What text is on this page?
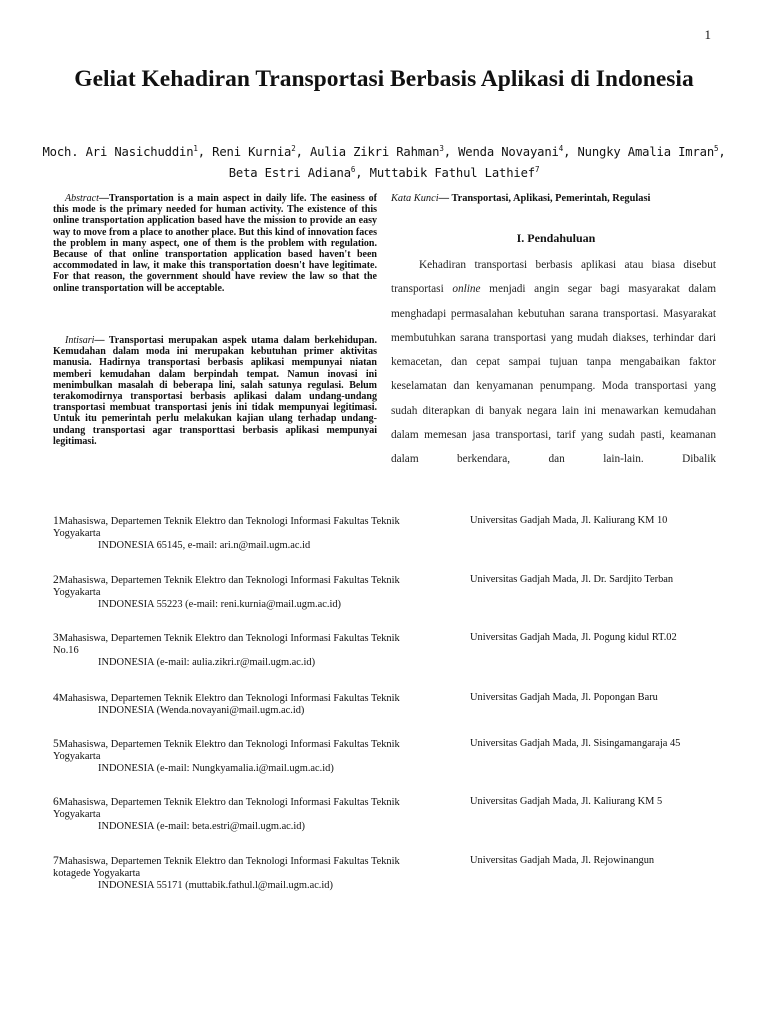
1
Geliat Kehadiran Transportasi Berbasis Aplikasi di Indonesia
Moch. Ari Nasichuddin$^1$, Reni Kurnia$^2$, Aulia Zikri Rahman$^3$, Wenda Novayani$^4$, Nungky Amalia Imran$^5$,
Beta Estri Adiana$^6$, Muttabik Fathul Lathief$^7$
Abstract—Transportation is a main aspect in daily life. The easiness of this mode is the primary needed for human activity. The existence of this online transportation application based have the mission to provide an easy way to move from a place to another place. But this kind of innovation faces the problem in many aspect, one of them is the problem with regulation. Because of that online transportation application based haven't been accommodated in law, it make this transportation doesn't have legitimate. For that reason, the government should have review the law so that the online transportation will be acceptable.
Intisari— Transportasi merupakan aspek utama dalam berkehidupan. Kemudahan dalam moda ini merupakan kebutuhan primer aktivitas manusia. Hadirnya transportasi berbasis aplikasi mempunyai niatan memberi kemudahan dalam berpindah tempat. Namun inovasi ini menimbulkan masalah di beberapa lini, salah satunya regulasi. Belum terakomodirnya transportasi berbasis aplikasi dalam undang-undang transportasi membuat transportasi jenis ini tidak mempunyai legitimasi. Untuk itu pemerintah perlu melakukan kajian ulang terhadap undang-undang transportasi agar transporttasi berbasis aplikasi mempunyai legitimasi.
Kata Kunci— Transportasi, Aplikasi, Pemerintah, Regulasi
I. Pendahuluan
Kehadiran transportasi berbasis aplikasi atau biasa disebut transportasi online menjadi angin segar bagi masyarakat dalam menghadapi permasalahan kebutuhan sarana transportasi. Masyarakat membutuhkan sarana transportasi yang mudah diakses, terhindar dari kemacetan, dan cepat sampai tujuan tanpa mengabaikan faktor keselamatan dan kenyamanan penumpang. Moda transportasi yang sudah diterapkan di banyak negara lain ini menawarkan kemudahan dalam memesan jasa transportasi, tarif yang sudah pasti, keamanan dalam berkendara, dan lain-lain. Dibalik
1Mahasiswa, Departemen Teknik Elektro dan Teknologi Informasi Fakultas Teknik	Universitas Gadjah Mada, Jl. Kaliurang KM 10
Yogyakarta
INDONESIA 65145, e-mail: ari.n@mail.ugm.ac.id
2Mahasiswa, Departemen Teknik Elektro dan Teknologi Informasi Fakultas Teknik	Universitas Gadjah Mada, Jl. Dr. Sardjito Terban
Yogyakarta
INDONESIA 55223 (e-mail: reni.kurnia@mail.ugm.ac.id)
3Mahasiswa, Departemen Teknik Elektro dan Teknologi Informasi Fakultas Teknik	Universitas Gadjah Mada, Jl. Pogung kidul RT.02
No.16
INDONESIA (e-mail: aulia.zikri.r@mail.ugm.ac.id)
4Mahasiswa, Departemen Teknik Elektro dan Teknologi Informasi Fakultas Teknik	Universitas Gadjah Mada, Jl. Popongan Baru
INDONESIA (Wenda.novayani@mail.ugm.ac.id)
5Mahasiswa, Departemen Teknik Elektro dan Teknologi Informasi Fakultas Teknik	Universitas Gadjah Mada, Jl. Sisingamangaraja 45
Yogyakarta
INDONESIA (e-mail: Nungkyamalia.i@mail.ugm.ac.id)
6Mahasiswa, Departemen Teknik Elektro dan Teknologi Informasi Fakultas Teknik	Universitas Gadjah Mada, Jl. Kaliurang KM 5
Yogyakarta
INDONESIA (e-mail: beta.estri@mail.ugm.ac.id)
7Mahasiswa, Departemen Teknik Elektro dan Teknologi Informasi Fakultas Teknik	Universitas Gadjah Mada, Jl. Rejowinangun
kotagede Yogyakarta
INDONESIA 55171 (muttabik.fathul.l@mail.ugm.ac.id)
